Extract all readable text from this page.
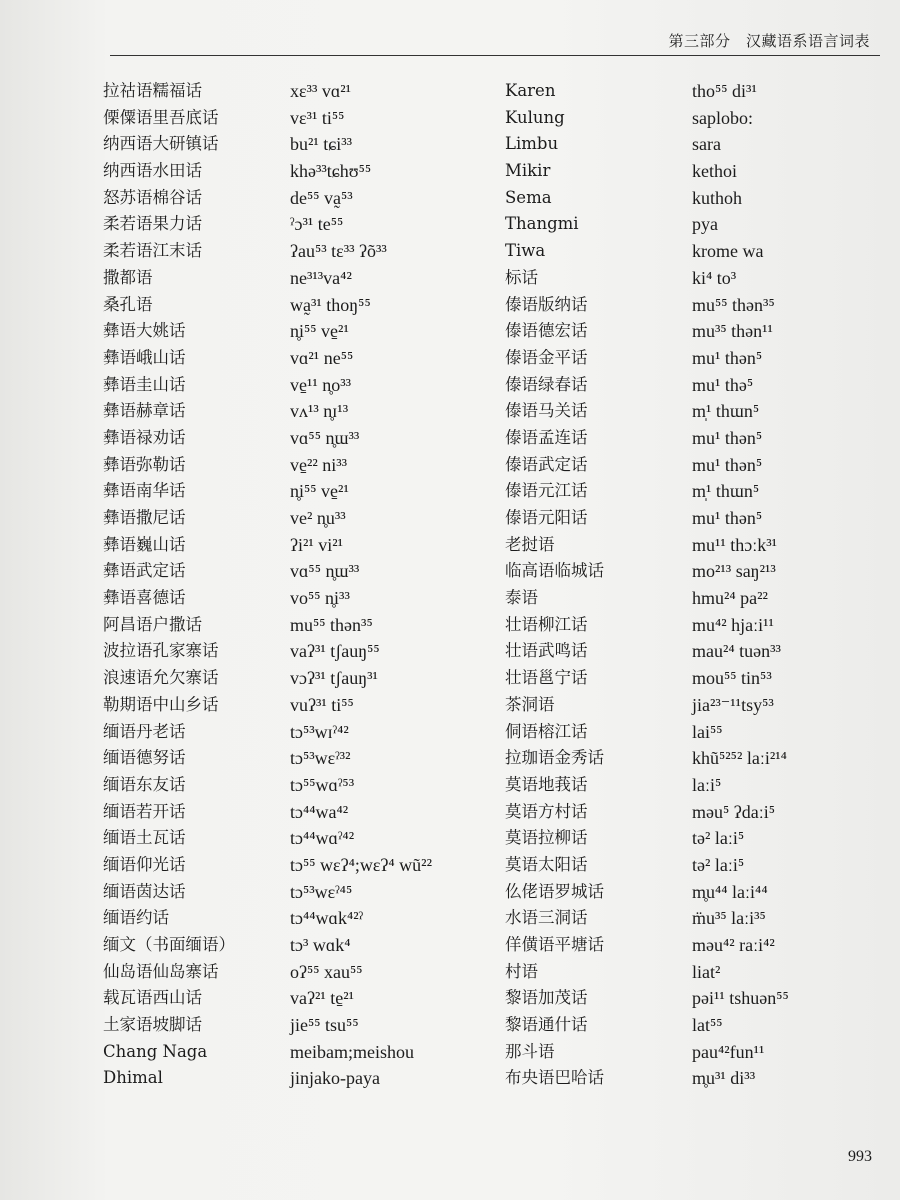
第三部分　汉藏语系语言词表
拉祜语糯福话
傈僳语里吾底话
纳西语大研镇话
纳西语水田话
怒苏语棉谷话
柔若语果力话
柔若语江末话
撒都语
桑孔语
彝语大姚话
彝语峨山话
彝语圭山话
彝语赫章话
彝语禄劝话
彝语弥勒话
彝语南华话
彝语撒尼话
彝语巍山话
彝语武定话
彝语喜德话
阿昌语户撒话
波拉语孔家寨话
浪速语允欠寨话
勒期语中山乡话
缅语丹老话
缅语德努话
缅语东友话
缅语若开话
缅语土瓦话
缅语仰光话
缅语茵达话
缅语约话
缅文（书面缅语）
仙岛语仙岛寨话
载瓦语西山话
土家语坡脚话
Chang Naga
Dhimal
xɛ³³ vɑ²¹
vɛ³¹ ti⁵⁵
bu²¹ tɕi³³
khə³³tɕhʊ⁵⁵
de⁵⁵ va̰⁵³
ˀɔ³¹ te⁵⁵
ʔau⁵³ tɛ³³ ʔõ³³
ne³¹³va⁴²
wa̰³¹ thoŋ⁵⁵
n̥i⁵⁵ ve̱²¹
vɑ²¹ ne⁵⁵
ve̱¹¹ n̥o³³
vʌ¹³ n̥ɪ¹³
vɑ⁵⁵ n̥ɯ³³
ve̱²² ni³³
n̥i⁵⁵ ve̱²¹
ve² n̥u³³
ʔi²¹ vi²¹
vɑ⁵⁵ n̥ɯ³³
vo⁵⁵ n̥i³³
mu⁵⁵ thən³⁵
vaʔ³¹ tʃauŋ⁵⁵
vɔʔ³¹ tʃauŋ³¹
vuʔ³¹ ti⁵⁵
tɔ⁵³wɪˀ⁴²
tɔ⁵³wɛˀ³²
tɔ⁵⁵wɑˀ⁵³
tɔ⁴⁴wa⁴²
tɔ⁴⁴wɑˀ⁴²
tɔ⁵⁵ wɛʔ⁴;wɛʔ⁴ wũ²²
tɔ⁵³wɛˀ⁴⁵
tɔ⁴⁴wɑk⁴²ˀ
tɔ³ wɑk⁴
oʔ⁵⁵ xau⁵⁵
vaʔ²¹ te̱²¹
jie⁵⁵ tsu⁵⁵
meibam;meishou
jinjako-paya
Karen
Kulung
Limbu
Mikir
Sema
Thangmi
Tiwa
标话
傣语版纳话
傣语德宏话
傣语金平话
傣语绿春话
傣语马关话
傣语孟连话
傣语武定话
傣语元江话
傣语元阳话
老挝语
临高语临城话
泰语
壮语柳江话
壮语武鸣话
壮语邕宁话
茶洞语
侗语榕江话
拉珈语金秀话
莫语地莪话
莫语方村话
莫语拉柳话
莫语太阳话
仫佬语罗城话
水语三洞话
佯僙语平塘话
村语
黎语加茂话
黎语通什话
那斗语
布央语巴哈话
tho⁵⁵ di³¹
saplobo:
sara
kethoi
kuthoh
pya
krome wa
ki⁴ to³
mu⁵⁵ thən³⁵
mu³⁵ thən¹¹
mu¹ thən⁵
mu¹ thə⁵
m̩¹ thɯn⁵
mu¹ thən⁵
mu¹ thən⁵
m̩¹ thɯn⁵
mu¹ thən⁵
mu¹¹ thɔːk³¹
mo²¹³ saŋ²¹³
hmu²⁴ pa²²
mu⁴² hjaːi¹¹
mau²⁴ tuən³³
mou⁵⁵ tin⁵³
jia²³⁻¹¹tsy⁵³
lai⁵⁵
khũ⁵²⁵² laːi²¹⁴
laːi⁵
məu⁵ ʔdaːi⁵
tə² laːi⁵
tə² laːi⁵
m̥u⁴⁴ laːi⁴⁴
m̈u³⁵ laːi³⁵
məu⁴² raːi⁴²
liat²
pəi¹¹ tshuən⁵⁵
lat⁵⁵
pau⁴²fun¹¹
m̥u³¹ di³³
993
